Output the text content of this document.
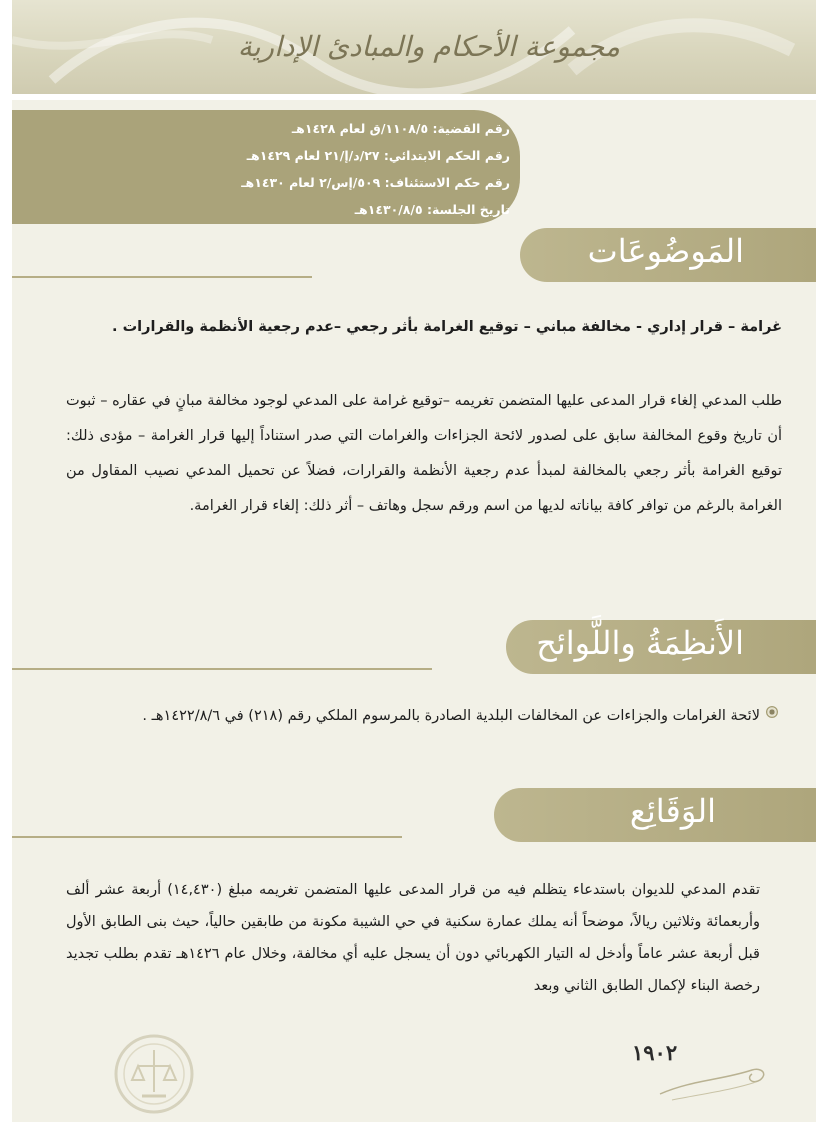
مجموعة الأحكام والمبادئ الإدارية
رقم القضية: ١١٠٨/٥/ق لعام ١٤٢٨هـ
رقم الحكم الابتدائي: ٢٧/د/إ/٢١ لعام ١٤٢٩هـ
رقم حكم الاستئناف: ٥٠٩/إس/٢ لعام ١٤٣٠هـ
تاريخ الجلسة: ١٤٣٠/٨/٥هـ
المَوضُوعَات
غرامة – قرار إداري - مخالفة مباني – توقيع الغرامة بأثر رجعي –عدم رجعية الأنظمة والقرارات .
طلب المدعي إلغاء قرار المدعى عليها المتضمن تغريمه –توقيع غرامة على المدعي لوجود مخالفة مبانٍ في عقاره – ثبوت أن تاريخ وقوع المخالفة سابق على لصدور لائحة الجزاءات والغرامات التي صدر استناداً إليها قرار الغرامة – مؤدى ذلك: توقيع الغرامة بأثر رجعي بالمخالفة لمبدأ عدم رجعية الأنظمة والقرارات، فضلاً عن تحميل المدعي نصيب المقاول من الغرامة بالرغم من توافر كافة بياناته لديها من اسم ورقم سجل وهاتف – أثر ذلك: إلغاء قرار الغرامة.
الأَنظِمَةُ واللَّوائح
لائحة الغرامات والجزاءات عن المخالفات البلدية الصادرة بالمرسوم الملكي رقم (٢١٨) في ١٤٢٢/٨/٦هـ .
الوَقَائِع
تقدم المدعي للديوان باستدعاء يتظلم فيه من قرار المدعى عليها المتضمن تغريمه مبلغ (١٤,٤٣٠) أربعة عشر ألف وأربعمائة وثلاثين ريالاً، موضحاً أنه يملك عمارة سكنية في حي الشيبة مكونة من طابقين حالياً، حيث بنى الطابق الأول قبل أربعة عشر عاماً وأدخل له التيار الكهربائي دون أن يسجل عليه أي مخالفة، وخلال عام ١٤٢٦هـ تقدم بطلب تجديد رخصة البناء لإكمال الطابق الثاني وبعد
١٩٠٢
